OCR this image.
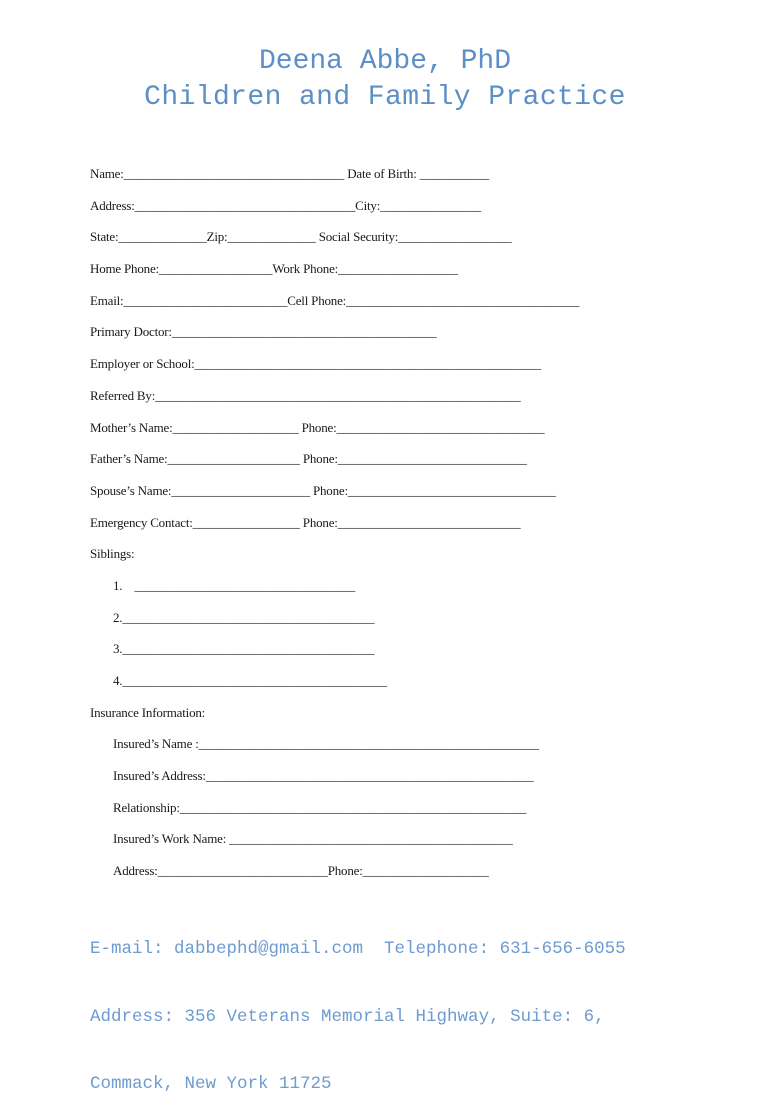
Deena Abbe, PhD
Children and Family Practice
Name:___________________________________ Date of Birth: ___________
Address:___________________________________City:________________
State:______________Zip:______________ Social Security:__________________
Home Phone:__________________Work Phone:___________________
Email:__________________________Cell Phone:_____________________________________
Primary Doctor:__________________________________________
Employer or School:_______________________________________________________
Referred By:__________________________________________________________
Mother’s Name:____________________ Phone:_________________________________
Father’s Name:_____________________ Phone:______________________________
Spouse’s Name:______________________ Phone:_________________________________
Emergency Contact:_________________ Phone:_____________________________
Siblings:
1.    ___________________________________
2.________________________________________
3.________________________________________
4.__________________________________________
Insurance Information:
Insured’s Name :______________________________________________________
Insured’s Address:____________________________________________________
Relationship:_______________________________________________________
Insured’s Work Name: _____________________________________________
Address:___________________________Phone:____________________

E-mail: dabbephd@gmail.com  Telephone: 631-656-6055

Address: 356 Veterans Memorial Highway, Suite: 6,

Commack, New York 11725
